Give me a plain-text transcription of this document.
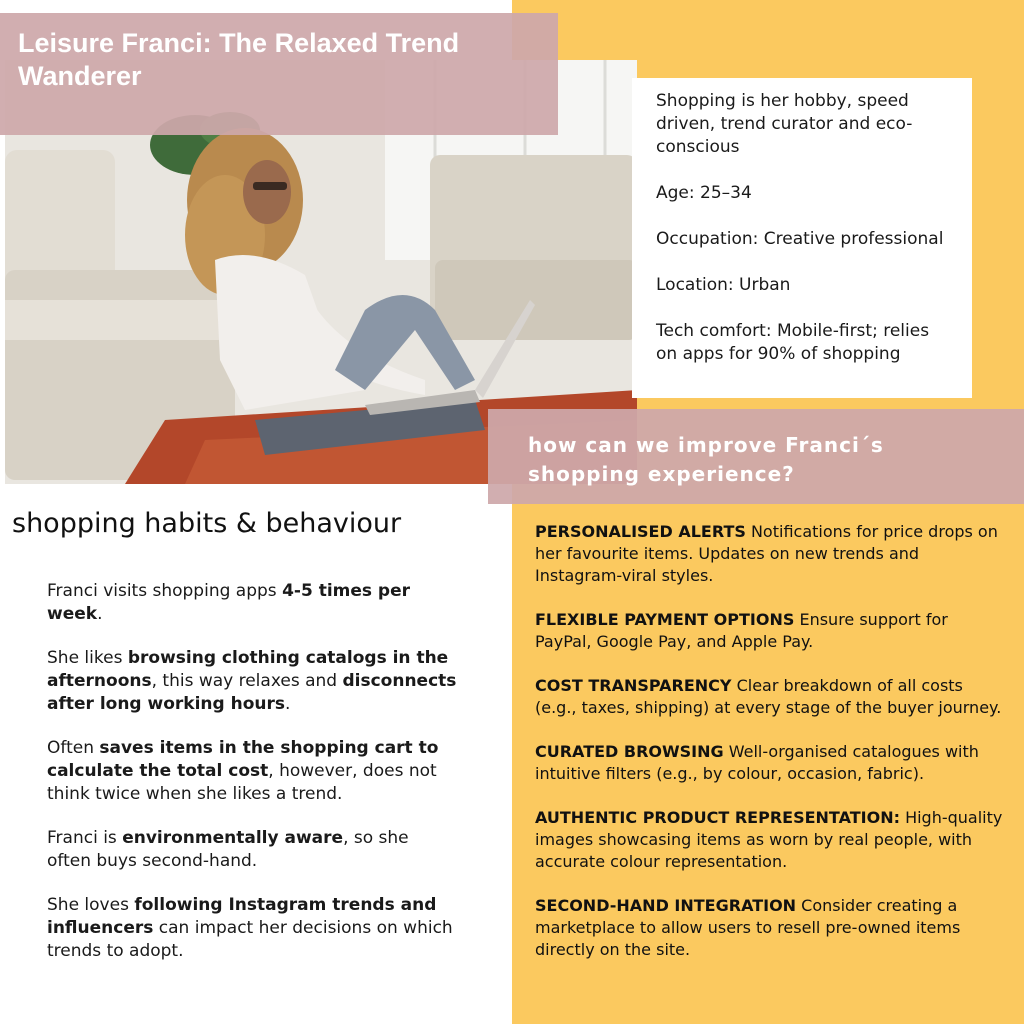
Leisure Franci: The Relaxed Trend Wanderer

Shopping is her hobby, speed driven, trend curator and eco-conscious

Age: 25–34

Occupation: Creative professional

Location: Urban

Tech comfort: Mobile-first; relies on apps for 90% of shopping

how can we improve Franci´s shopping experience?
shopping habits & behaviour

Franci visits shopping apps 4-5 times per week.

She likes browsing clothing catalogs in the afternoons, this way relaxes and disconnects after long working hours.

Often saves items in the shopping cart to calculate the total cost, however, does not think twice when she likes a trend.

Franci is environmentally aware, so she often buys second-hand.

She loves following Instagram trends and influencers can impact her decisions on which trends to adopt.

PERSONALISED ALERTS Notifications for price drops on her favourite items. Updates on new trends and Instagram-viral styles.

FLEXIBLE PAYMENT OPTIONS Ensure support for PayPal, Google Pay, and Apple Pay.

COST TRANSPARENCY Clear breakdown of all costs (e.g., taxes, shipping) at every stage of the buyer journey.

CURATED BROWSING Well-organised catalogues with intuitive filters (e.g., by colour, occasion, fabric).

AUTHENTIC PRODUCT REPRESENTATION: High-quality images showcasing items as worn by real people, with accurate colour representation.

SECOND-HAND INTEGRATION Consider creating a marketplace to allow users to resell pre-owned items directly on the site.
